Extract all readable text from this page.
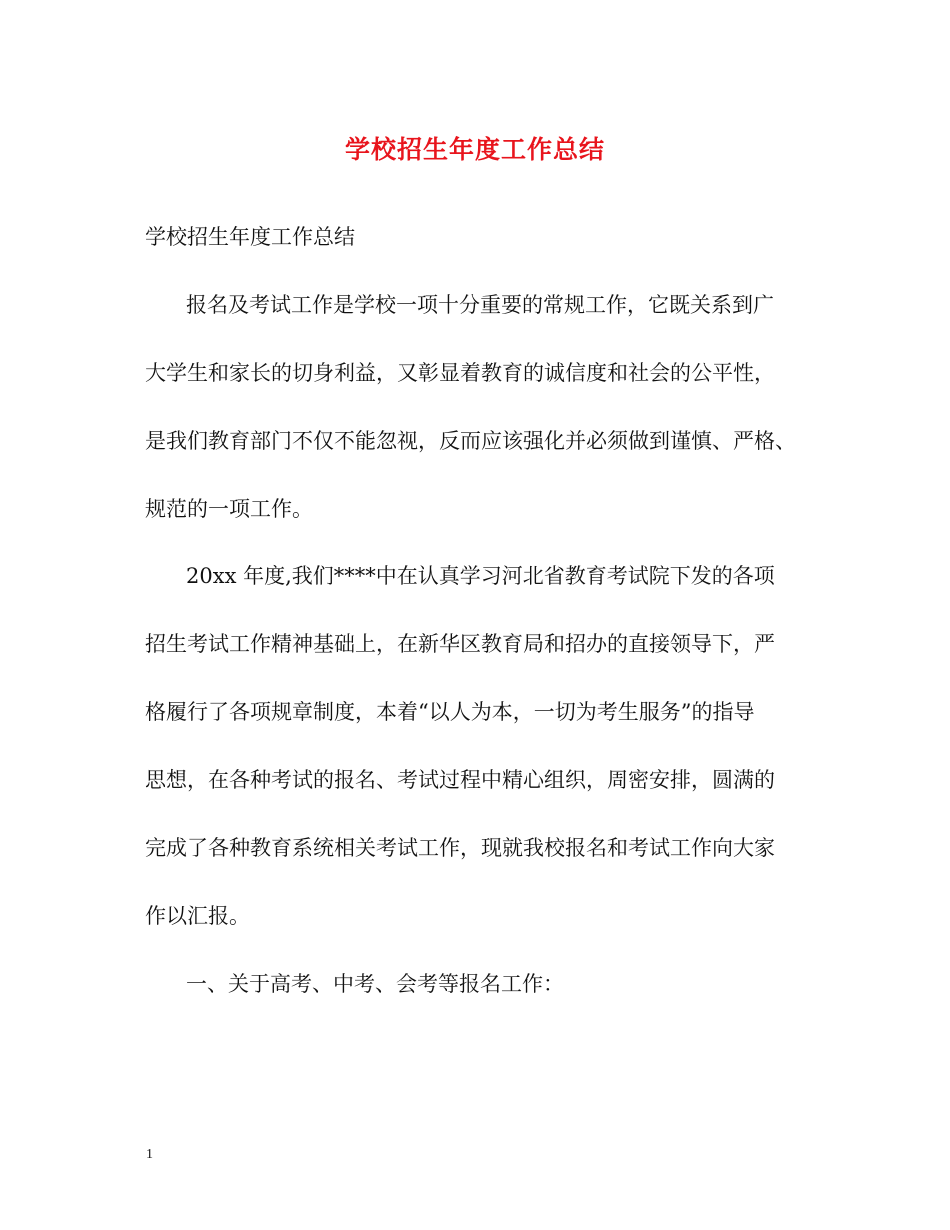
学校招生年度工作总结
学校招生年度工作总结
报名及考试工作是学校一项十分重要的常规工作，它既关系到广
大学生和家长的切身利益，又彰显着教育的诚信度和社会的公平性，
是我们教育部门不仅不能忽视，反而应该强化并必须做到谨慎、严格、
规范的一项工作。
20xx 年度,我们****中在认真学习河北省教育考试院下发的各项
招生考试工作精神基础上，在新华区教育局和招办的直接领导下，严
格履行了各项规章制度，本着“以人为本，一切为考生服务”的指导
思想，在各种考试的报名、考试过程中精心组织，周密安排，圆满的
完成了各种教育系统相关考试工作，现就我校报名和考试工作向大家
作以汇报。
一、关于高考、中考、会考等报名工作：
1
